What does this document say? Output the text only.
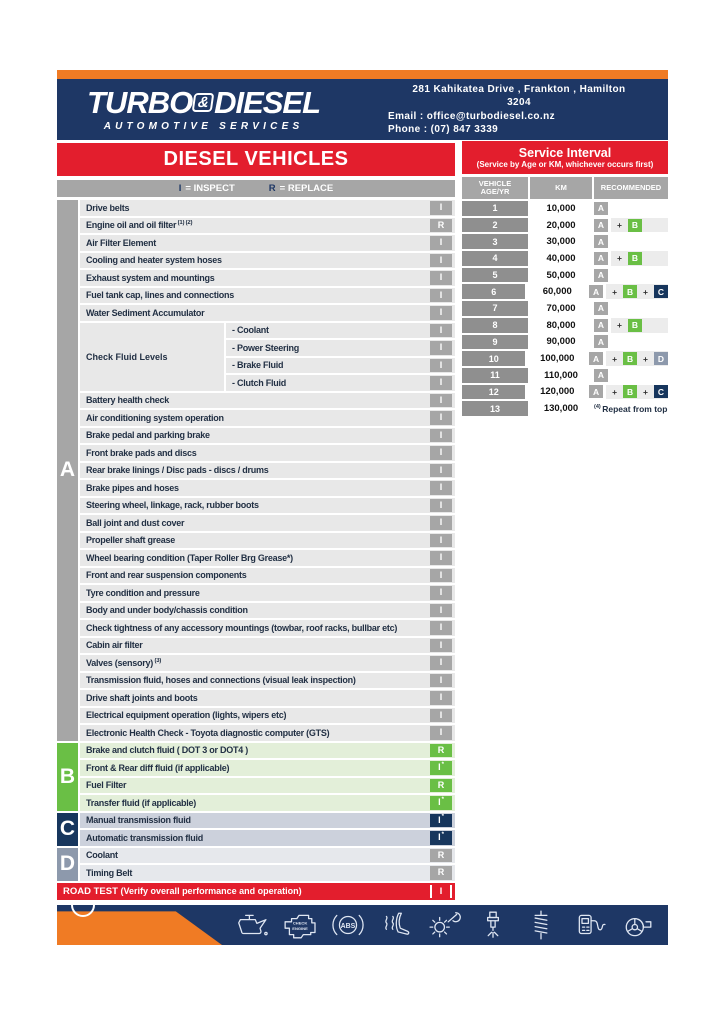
TURBO & DIESEL
AUTOMOTIVE SERVICES
281 Kahikatea Drive , Frankton , Hamilton
3204
Email : office@turbodiesel.co.nz
Phone : (07) 847 3339
DIESEL VEHICLES
I = INSPECT	R = REPLACE
A
B
C
D
Drive belts	I
Engine oil and oil filter $^{(1) (2)}$	R
Air Filter Element	I
Cooling and heater system hoses	I
Exhaust system and mountings	I
Fuel tank cap, lines and connections	I
Water Sediment Accumulator	I
Check Fluid Levels
- Coolant	I
- Power Steering	I
- Brake Fluid	I
- Clutch Fluid	I
Battery health check	I
Air conditioning system operation	I
Brake pedal and parking brake	I
Front brake pads and discs	I
Rear brake linings / Disc pads - discs / drums	I
Brake pipes and hoses	I
Steering wheel, linkage, rack, rubber boots	I
Ball joint and dust cover	I
Propeller shaft grease	I
Wheel bearing condition (Taper Roller Brg Grease*)	I
Front and rear suspension components	I
Tyre condition and pressure	I
Body and under body/chassis condition	I
Check tightness of any accessory mountings (towbar, roof racks, bullbar etc)	I
Cabin air filter	I
Valves (sensory) $^{(3)}$	I
Transmission fluid, hoses and connections (visual leak inspection)	I
Drive shaft joints and boots	I
Electrical equipment operation (lights, wipers etc)	I
Electronic Health Check - Toyota diagnostic computer (GTS)	I
Brake and clutch fluid ( DOT 3 or DOT4 )	R
Front & Rear diff fluid (if applicable)	I*
Fuel Filter	R
Transfer fluid (if applicable)	I*
Manual transmission fluid	I*
Automatic transmission fluid	I*
Coolant	R
Timing Belt	R
ROAD TEST (Verify overall performance and operation)	I
Service Interval
(Service by Age or KM, whichever occurs first)
VEHICLE AGE/YR	KM	RECOMMENDED
1	10,000	A
2	20,000	A	+	B
3	30,000	A
4	40,000	A	+	B
5	50,000	A
6	60,000	A	+	B	+	C
7	70,000	A
8	80,000	A	+	B
9	90,000	A
10	100,000	A	+	B	+	D
11	110,000	A
12	120,000	A	+	B	+	C
13	130,000	$^{(4)}$ Repeat from top
CHECK
ENGINE	ABS
